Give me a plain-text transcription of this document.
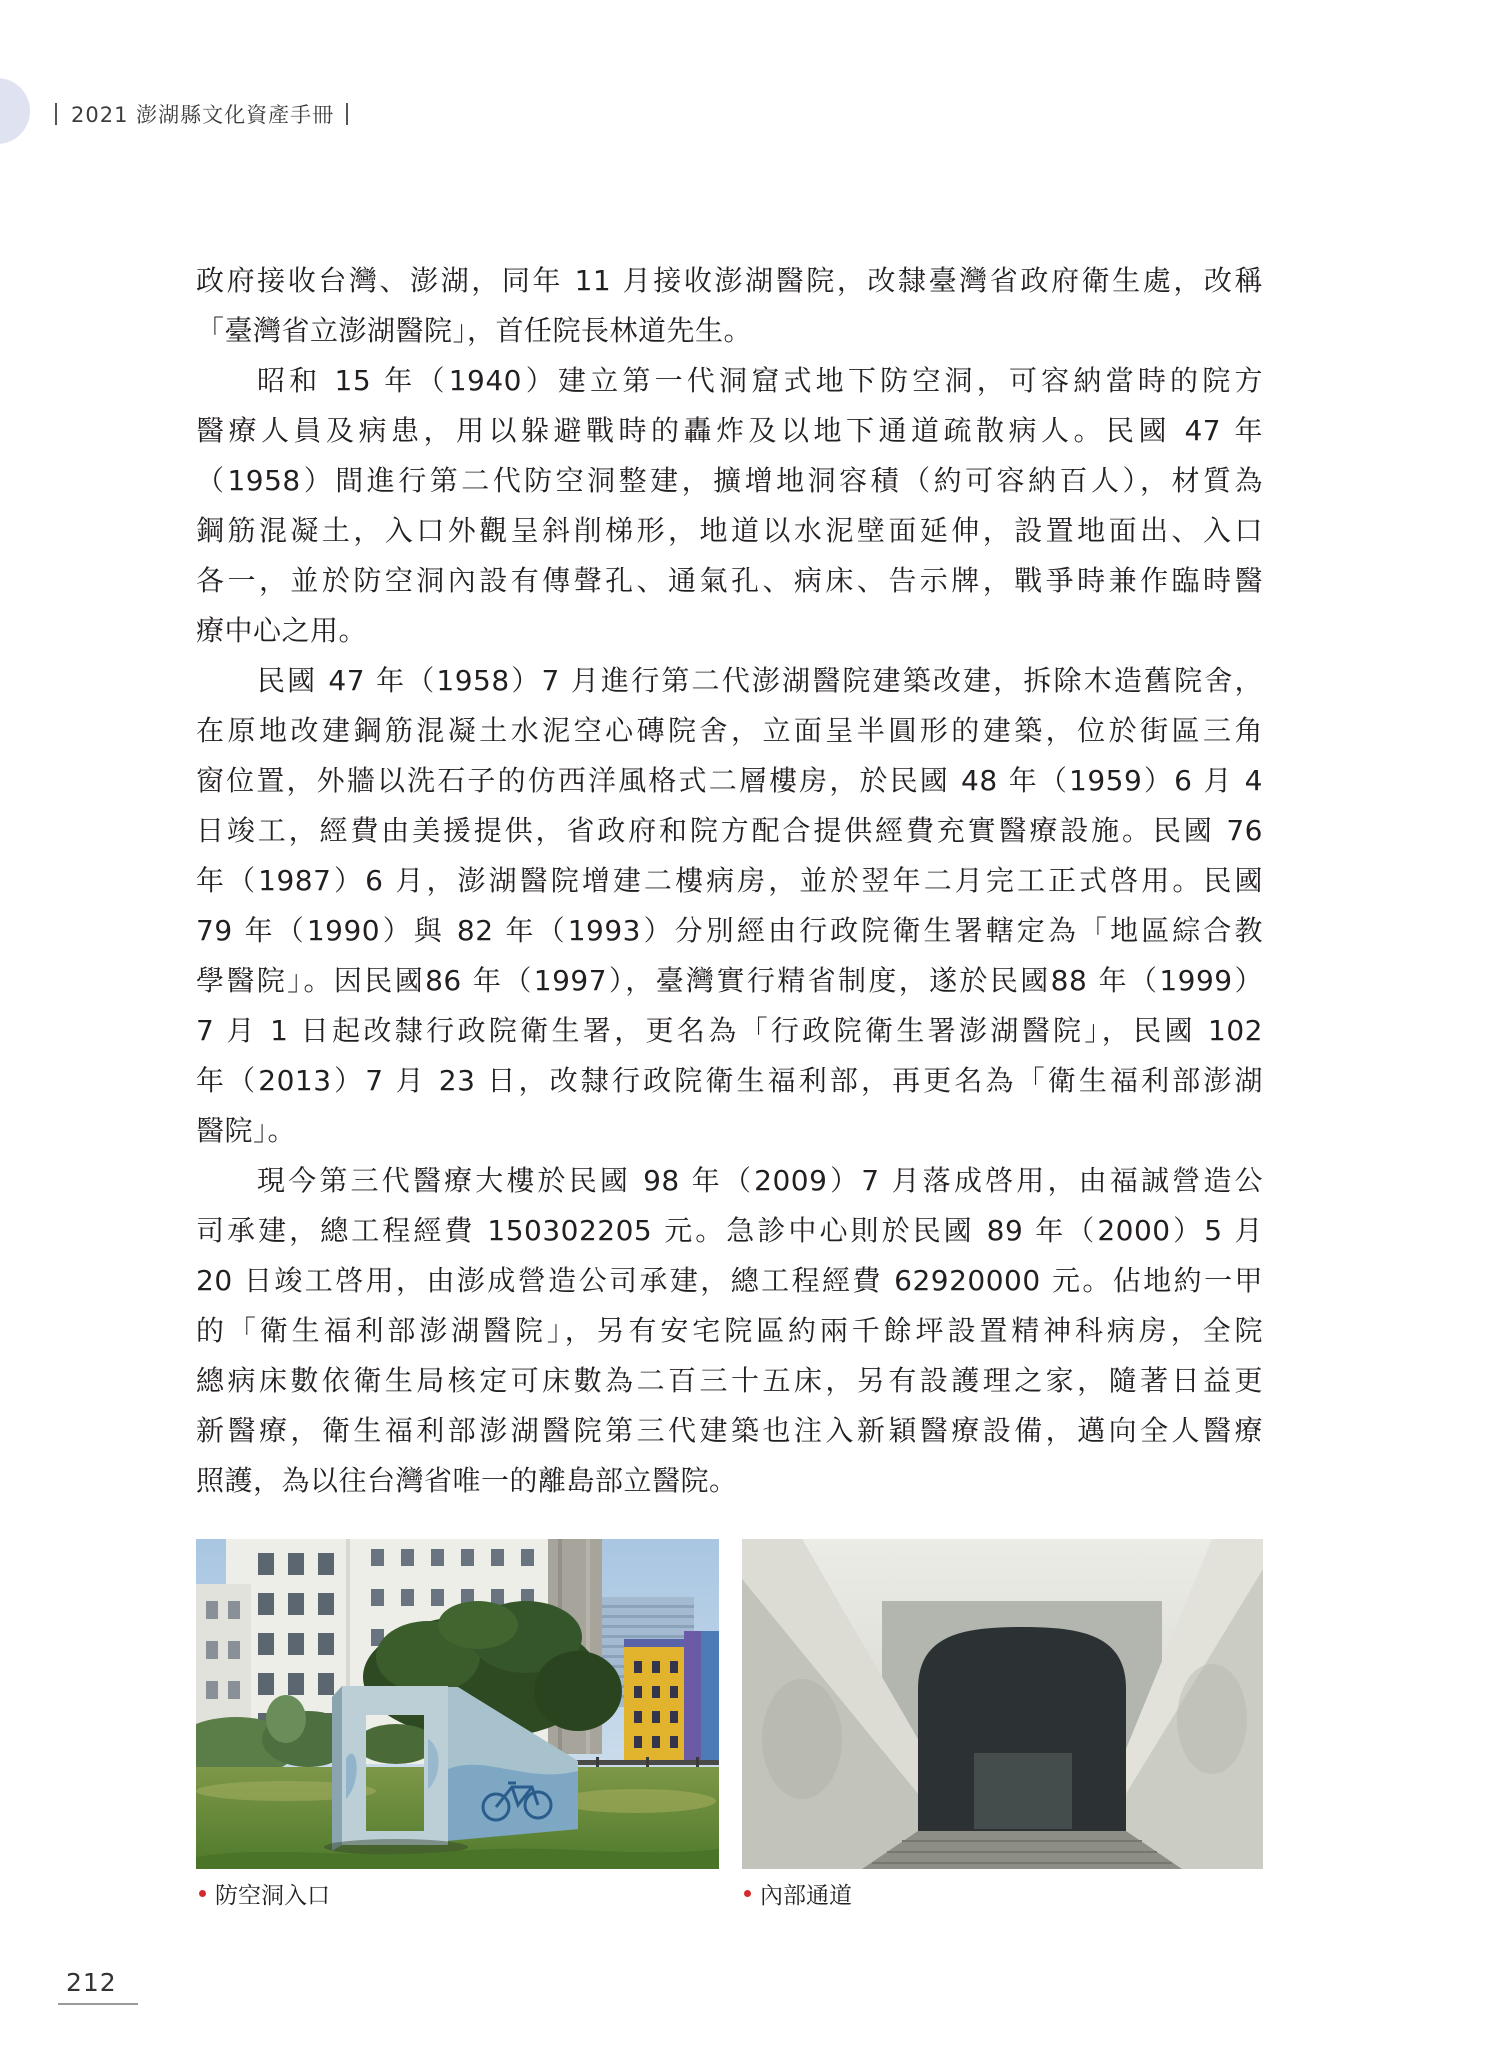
2021 澎湖縣文化資產手冊
政府接收台灣、澎湖，同年 11 月接收澎湖醫院，改隸臺灣省政府衛生處，改稱
「臺灣省立澎湖醫院」，首任院長林道先生。
昭和 15 年（1940）建立第一代洞窟式地下防空洞，可容納當時的院方
醫療人員及病患，用以躲避戰時的轟炸及以地下通道疏散病人。民國 47 年
（1958）間進行第二代防空洞整建，擴增地洞容積（約可容納百人），材質為
鋼筋混凝土，入口外觀呈斜削梯形，地道以水泥壁面延伸，設置地面出、入口
各一，並於防空洞內設有傳聲孔、通氣孔、病床、告示牌，戰爭時兼作臨時醫
療中心之用。
民國 47 年（1958）7 月進行第二代澎湖醫院建築改建，拆除木造舊院舍，
在原地改建鋼筋混凝土水泥空心磚院舍，立面呈半圓形的建築，位於街區三角
窗位置，外牆以洗石子的仿西洋風格式二層樓房，於民國 48 年（1959）6 月 4
日竣工，經費由美援提供，省政府和院方配合提供經費充實醫療設施。民國 76
年（1987）6 月，澎湖醫院增建二樓病房，並於翌年二月完工正式啓用。民國
79 年（1990）與 82 年（1993）分別經由行政院衛生署轄定為「地區綜合教
學醫院」。因民國86 年（1997），臺灣實行精省制度，遂於民國88 年（1999）
7 月 1 日起改隸行政院衛生署，更名為「行政院衛生署澎湖醫院」，民國 102
年（2013）7 月 23 日，改隸行政院衛生福利部，再更名為「衛生福利部澎湖
醫院」。
現今第三代醫療大樓於民國 98 年（2009）7 月落成啓用，由福誠營造公
司承建，總工程經費 150302205 元。急診中心則於民國 89 年（2000）5 月
20 日竣工啓用，由澎成營造公司承建，總工程經費 62920000 元。佔地約一甲
的「衛生福利部澎湖醫院」，另有安宅院區約兩千餘坪設置精神科病房，全院
總病床數依衛生局核定可床數為二百三十五床，另有設護理之家，隨著日益更
新醫療，衛生福利部澎湖醫院第三代建築也注入新穎醫療設備，邁向全人醫療
照護，為以往台灣省唯一的離島部立醫院。
防空洞入口	內部通道
212
